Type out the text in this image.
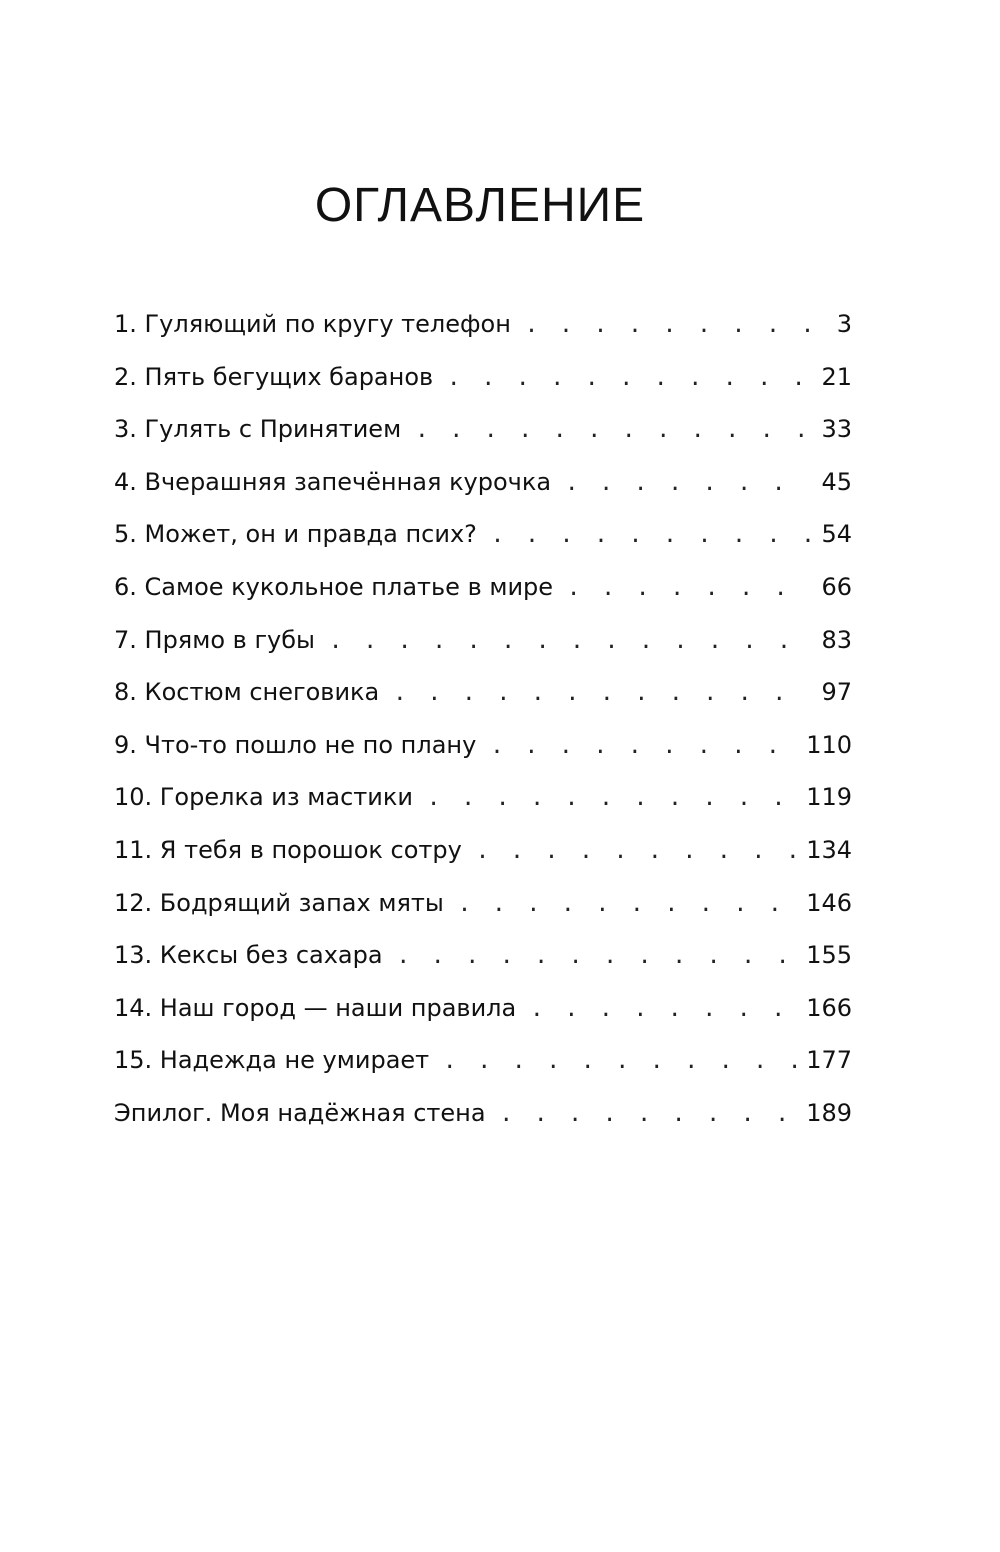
ОГЛАВЛЕНИЕ
1. Гуляющий по кругу телефон . . .	3
2. Пять бегущих баранов . . .	21
3. Гулять с Принятием . . .	33
4. Вчерашняя запечённая курочка . . .	45
5. Может, он и правда псих? . . .	54
6. Самое кукольное платье в мире . . .	66
7. Прямо в губы . . .	83
8. Костюм снеговика . . .	97
9. Что-то пошло не по плану . . .	110
10. Горелка из мастики . . .	119
11. Я тебя в порошок сотру . . .	134
12. Бодрящий запах мяты . . .	146
13. Кексы без сахара . . .	155
14. Наш город — наши правила . . .	166
15. Надежда не умирает . . .	177
Эпилог. Моя надёжная стена . . .	189
